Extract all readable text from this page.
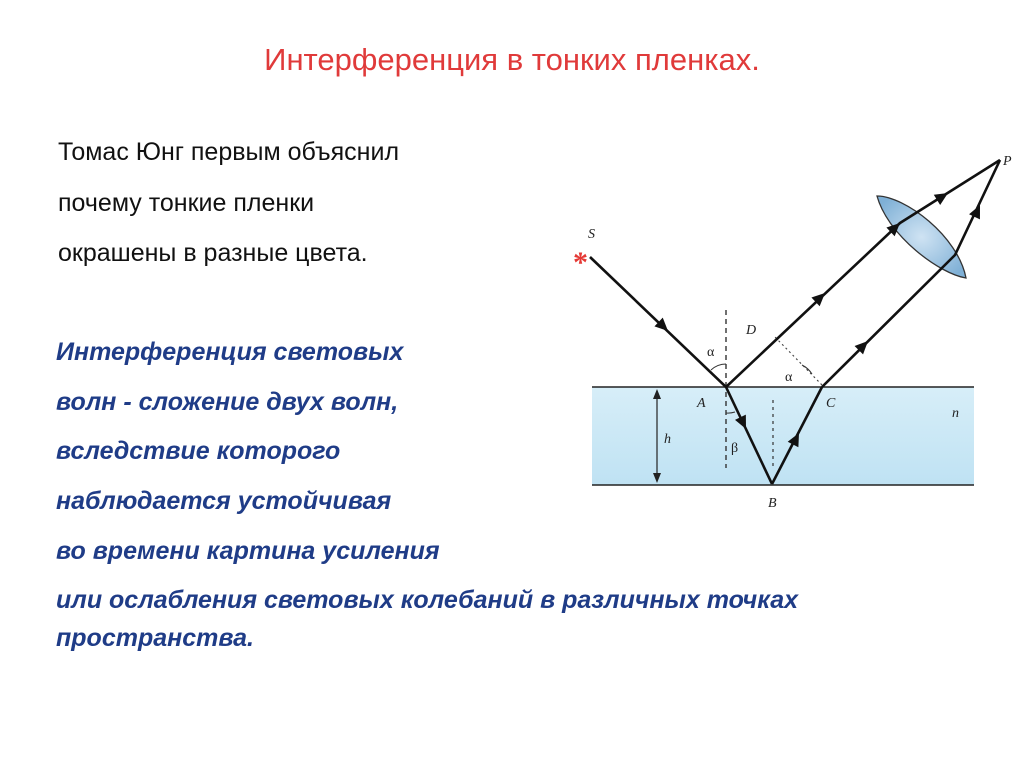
Интерференция в тонких пленках.
Томас Юнг первым объяснил
почему тонкие пленки
окрашены в разные цвета.
Интерференция световых
волн - сложение двух волн,
вследствие которого
наблюдается устойчивая
во времени картина усиления
или ослабления световых колебаний в различных точках
пространства.
S
*
P
A
B
C
D
h
n
α
α
β
